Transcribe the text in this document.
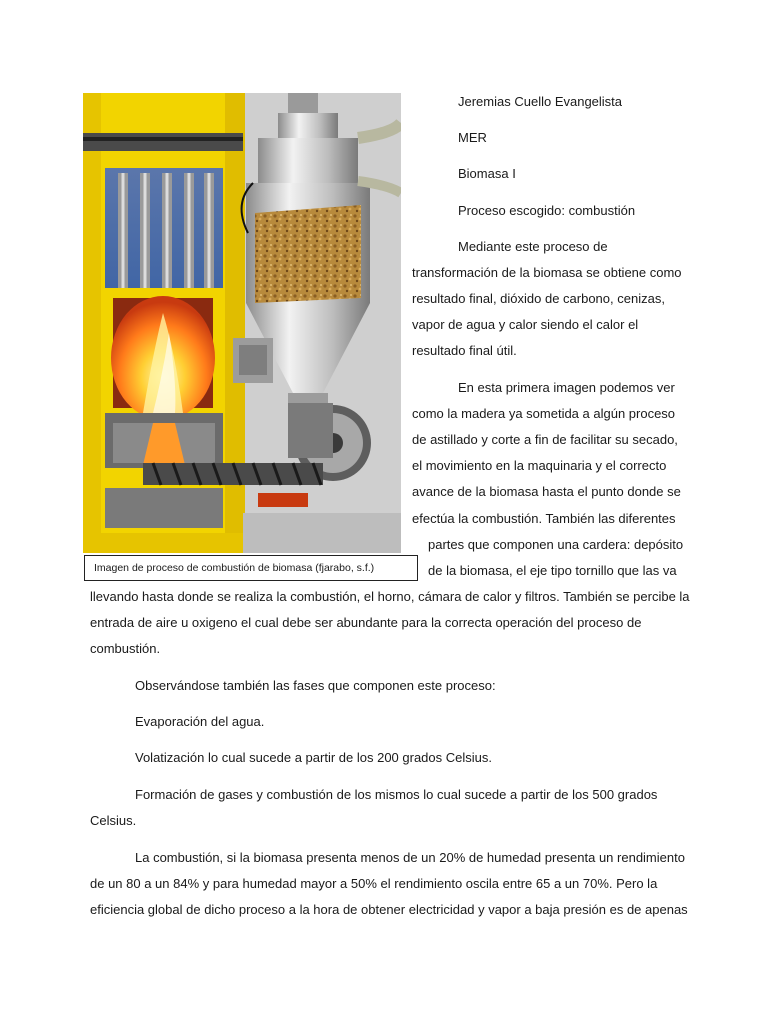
Imagen de proceso de combustión de biomasa (fjarabo, s.f.)
Jeremias Cuello Evangelista
MER
Biomasa I
Proceso escogido: combustión
Mediante este proceso de
transformación de la biomasa se obtiene como
resultado final, dióxido de carbono, cenizas,
vapor de agua y calor siendo el calor el
resultado final útil.
En esta primera imagen podemos ver
como la madera ya sometida a algún proceso
de astillado y corte a fin de facilitar su secado,
el movimiento en la maquinaria y el correcto
avance de la biomasa hasta el punto donde se
efectúa la combustión. También las diferentes
partes que componen una cardera: depósito
de la biomasa, el eje tipo tornillo que las va
llevando hasta donde se realiza la combustión, el horno, cámara de calor y filtros. También se percibe la
entrada de aire u oxigeno el cual debe ser abundante para la correcta operación del proceso de
combustión.
Observándose también las fases que componen este proceso:
Evaporación del agua.
Volatización lo cual sucede a partir de los 200 grados Celsius.
Formación de gases y combustión de los mismos lo cual sucede a partir de los 500 grados
Celsius.
La combustión, si la biomasa presenta menos de un 20% de humedad presenta un rendimiento
de un 80 a un 84% y para humedad mayor a 50% el rendimiento oscila entre 65 a un 70%. Pero la
eficiencia global de dicho proceso a la hora de obtener electricidad y vapor a baja presión es de apenas
